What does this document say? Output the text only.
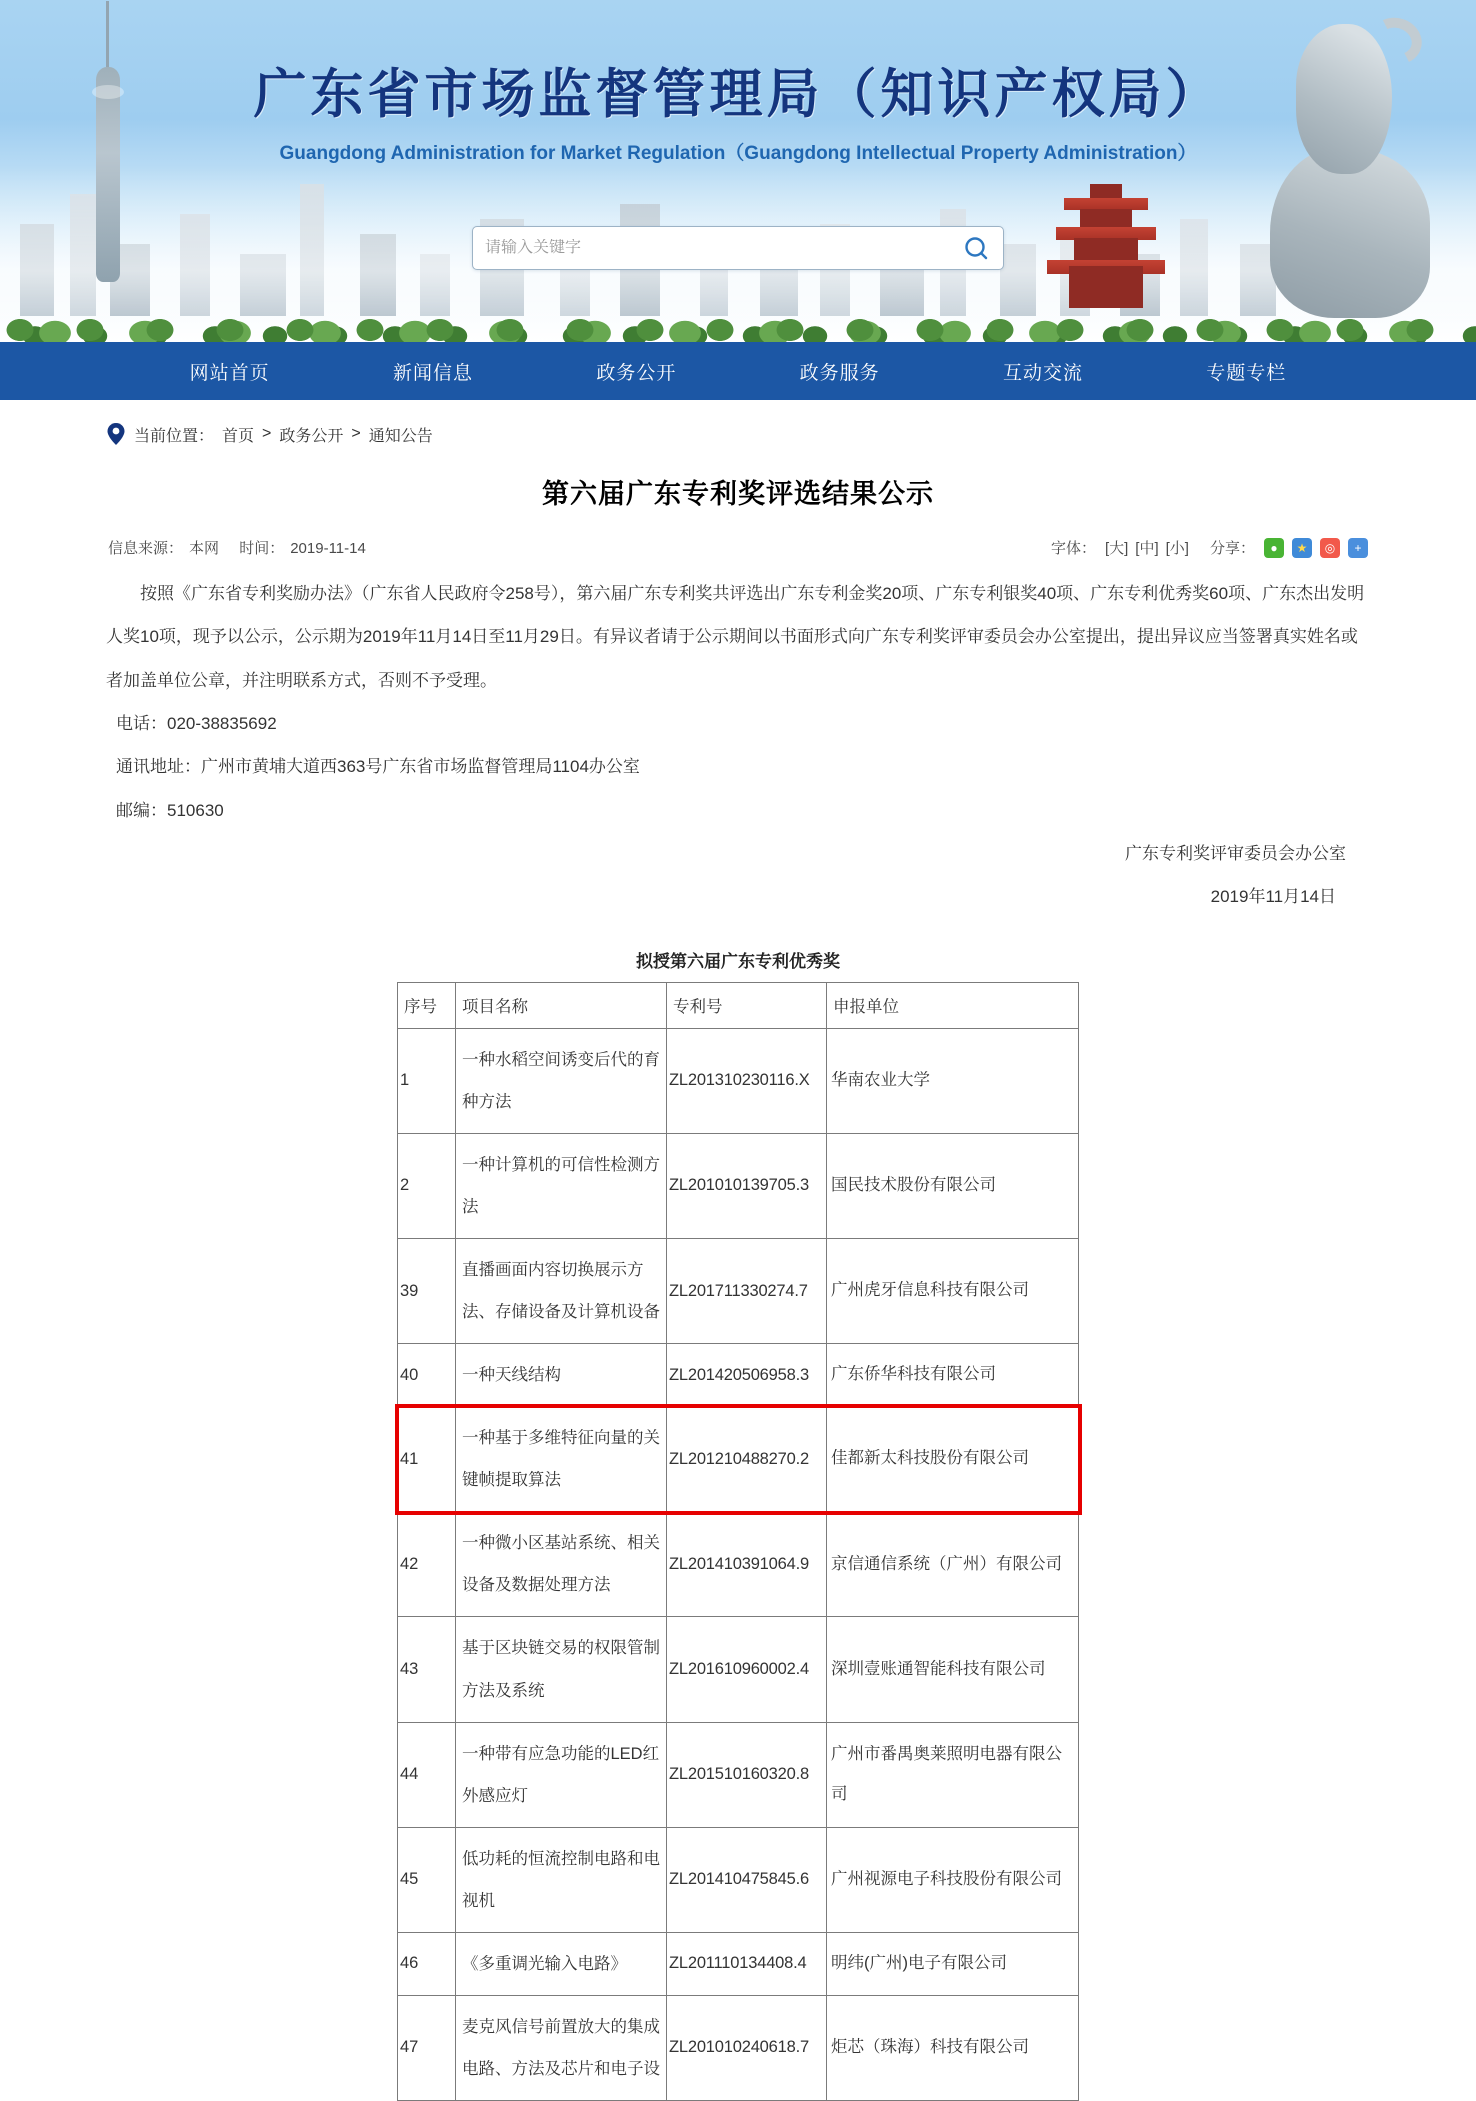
广东省市场监督管理局（知识产权局）
Guangdong Administration for Market Regulation（Guangdong Intellectual Property Administration）
请输入关键字
网站首页	新闻信息	政务公开	政务服务	互动交流	专题专栏
当前位置： 首页 > 政务公开 > 通知公告
第六届广东专利奖评选结果公示
信息来源： 本网 时间： 2019-11-14	字体： [大] [中] [小] 分享：	●	★	◎	+

按照《广东省专利奖励办法》（广东省人民政府令258号），第六届广东专利奖共评选出广东专利金奖20项、广东专利银奖40项、广东专利优秀奖60项、广东杰出发明人奖10项，现予以公示，公示期为2019年11月14日至11月29日。有异议者请于公示期间以书面形式向广东专利奖评审委员会办公室提出，提出异议应当签署真实姓名或者加盖单位公章，并注明联系方式，否则不予受理。

电话：020-38835692

通讯地址：广州市黄埔大道西363号广东省市场监督管理局1104办公室

邮编：510630

广东专利奖评审委员会办公室

2019年11月14日

拟授第六届广东专利优秀奖
序号	项目名称	专利号	申报单位
1	一种水稻空间诱变后代的育种方法	ZL201310230116.X	华南农业大学
2	一种计算机的可信性检测方法	ZL201010139705.3	国民技术股份有限公司
39	直播画面内容切换展示方法、存储设备及计算机设备	ZL201711330274.7	广州虎牙信息科技有限公司
40	一种天线结构	ZL201420506958.3	广东侨华科技有限公司
41	一种基于多维特征向量的关键帧提取算法	ZL201210488270.2	佳都新太科技股份有限公司
42	一种微小区基站系统、相关设备及数据处理方法	ZL201410391064.9	京信通信系统（广州）有限公司
43	基于区块链交易的权限管制方法及系统	ZL201610960002.4	深圳壹账通智能科技有限公司
44	一种带有应急功能的LED红外感应灯	ZL201510160320.8	广州市番禺奥莱照明电器有限公司
45	低功耗的恒流控制电路和电视机	ZL201410475845.6	广州视源电子科技股份有限公司
46	《多重调光输入电路》	ZL201110134408.4	明纬(广州)电子有限公司
47	麦克风信号前置放大的集成电路、方法及芯片和电子设	ZL201010240618.7	炬芯（珠海）科技有限公司
